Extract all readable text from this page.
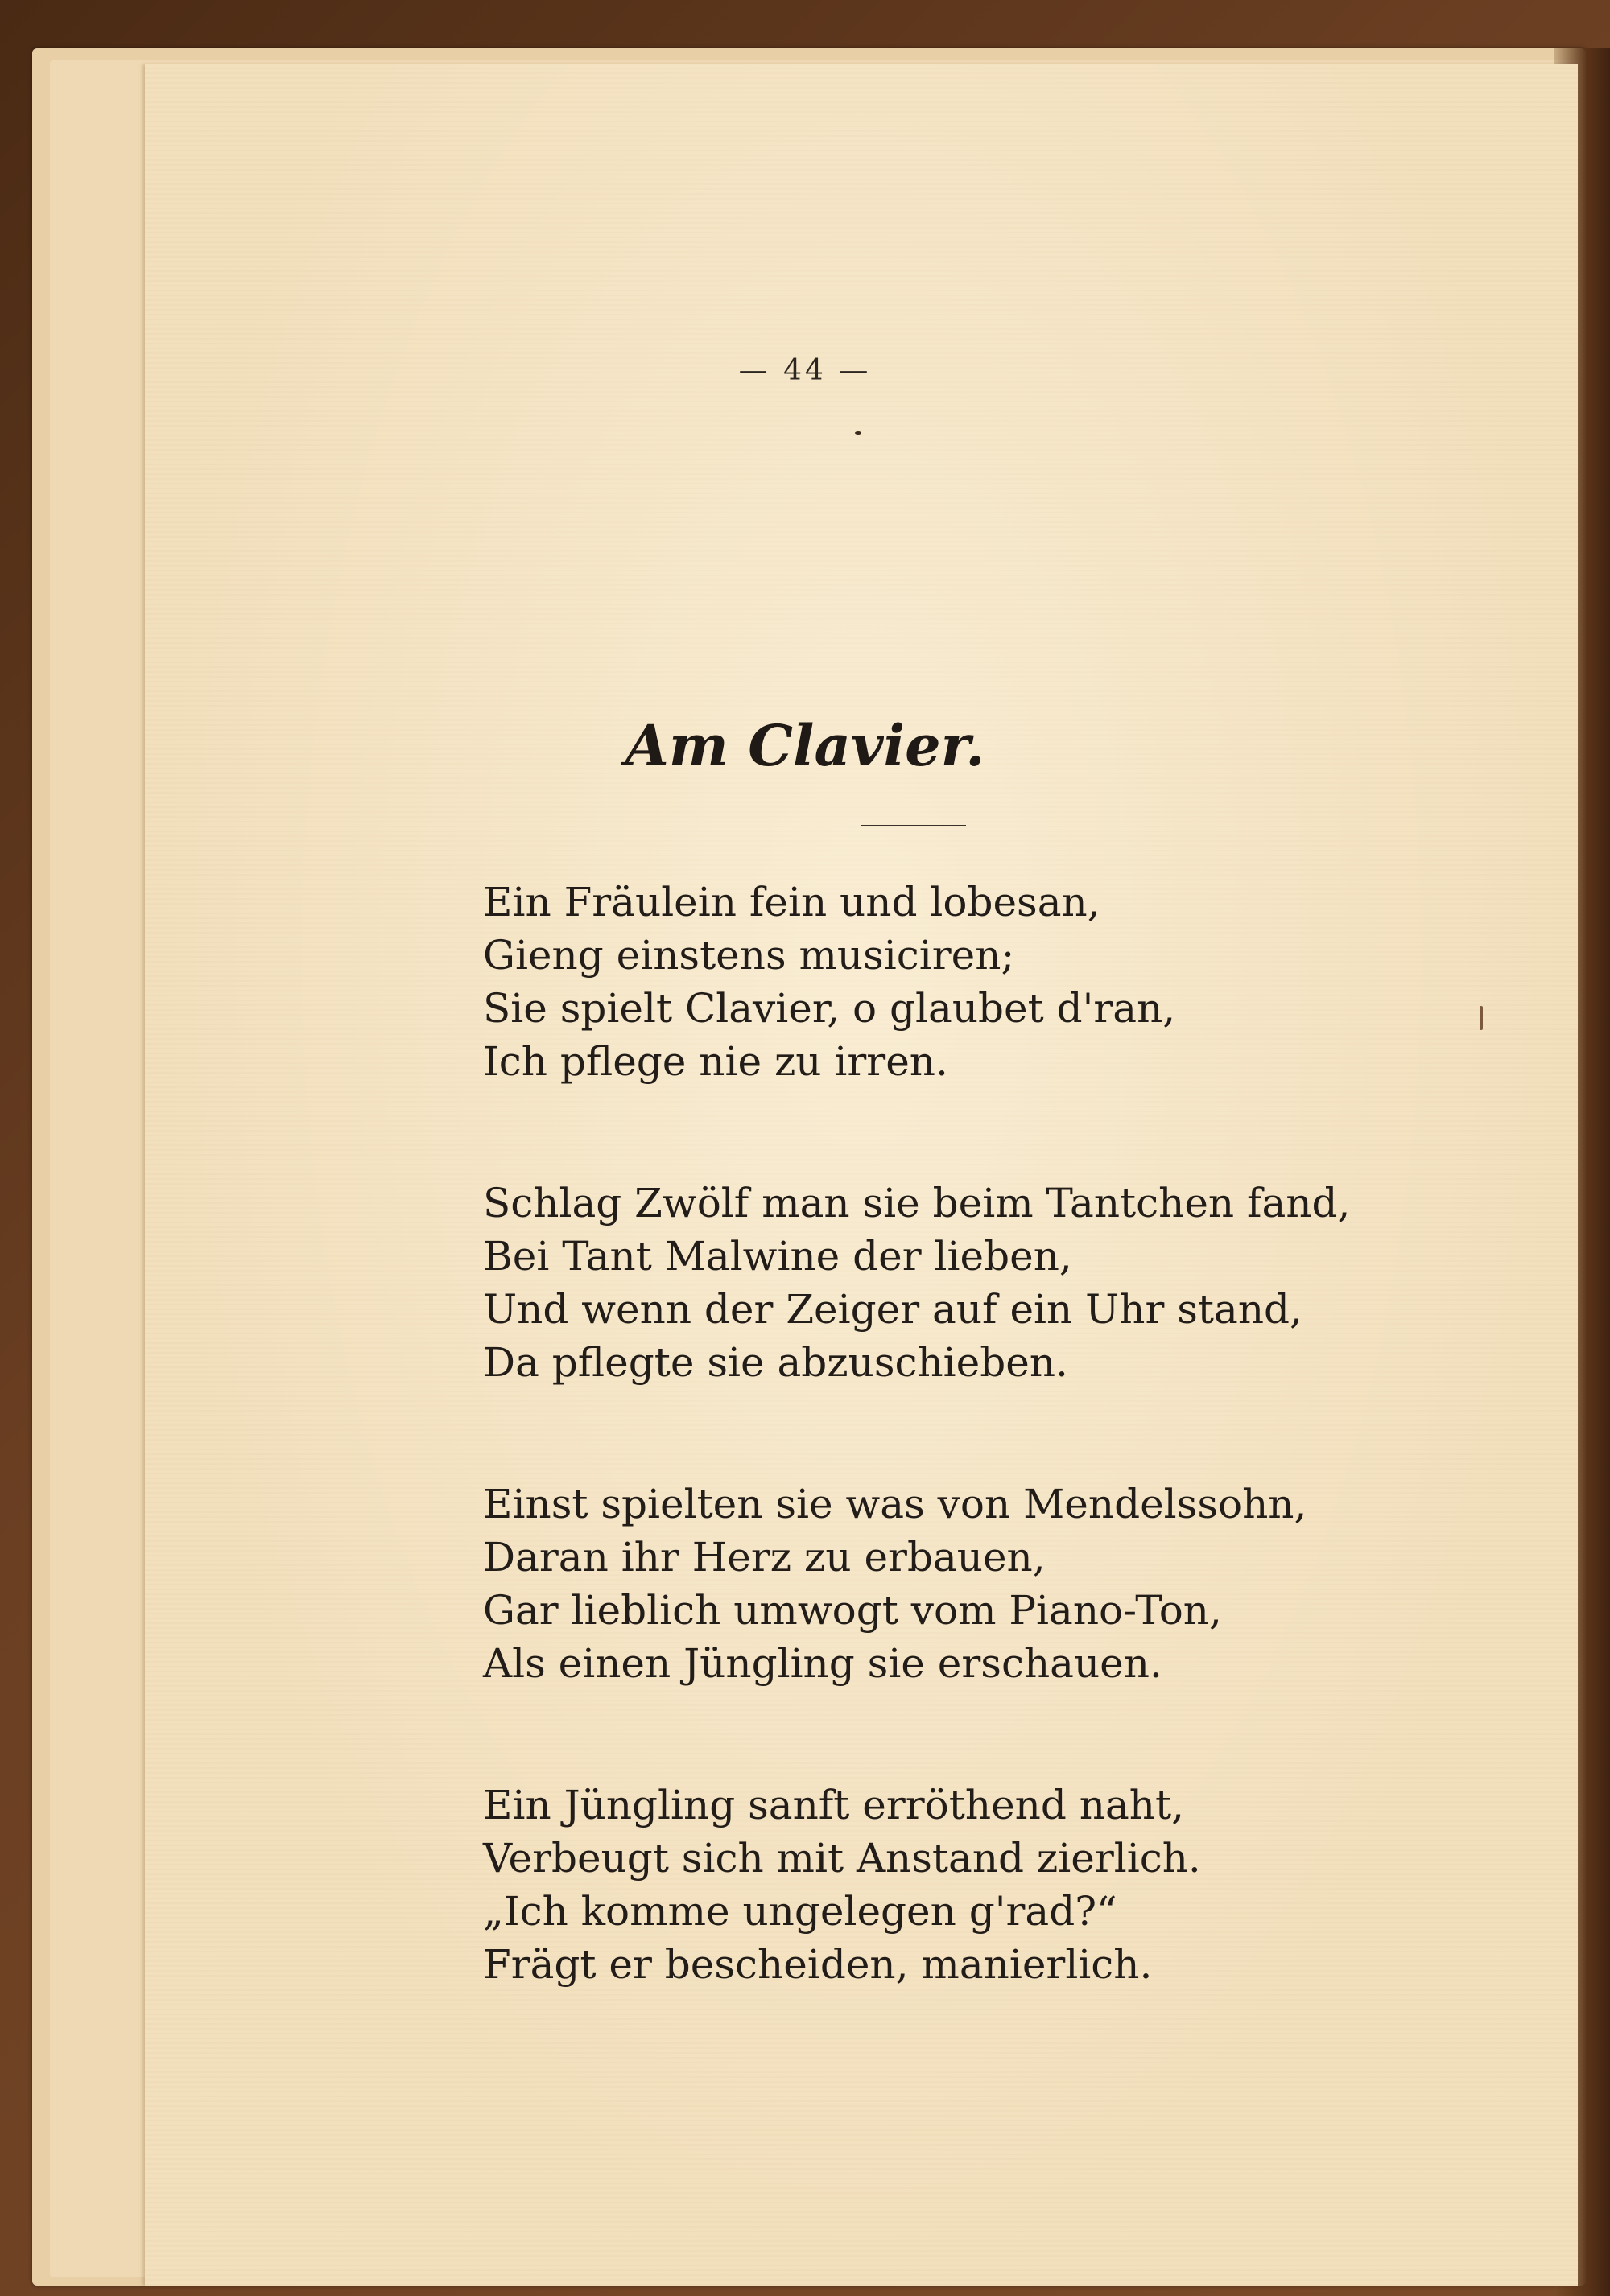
— 44 —
Am Clavier.
Ein Fräulein fein und lobesan,
Gieng einstens musiciren;
Sie spielt Clavier, o glaubet d'ran,
Ich pflege nie zu irren.
Schlag Zwölf man sie beim Tantchen fand,
Bei Tant Malwine der lieben,
Und wenn der Zeiger auf ein Uhr stand,
Da pflegte sie abzuschieben.
Einst spielten sie was von Mendelssohn,
Daran ihr Herz zu erbauen,
Gar lieblich umwogt vom Piano-Ton,
Als einen Jüngling sie erschauen.
Ein Jüngling sanft erröthend naht,
Verbeugt sich mit Anstand zierlich.
„Ich komme ungelegen g'rad?“
Frägt er bescheiden, manierlich.
